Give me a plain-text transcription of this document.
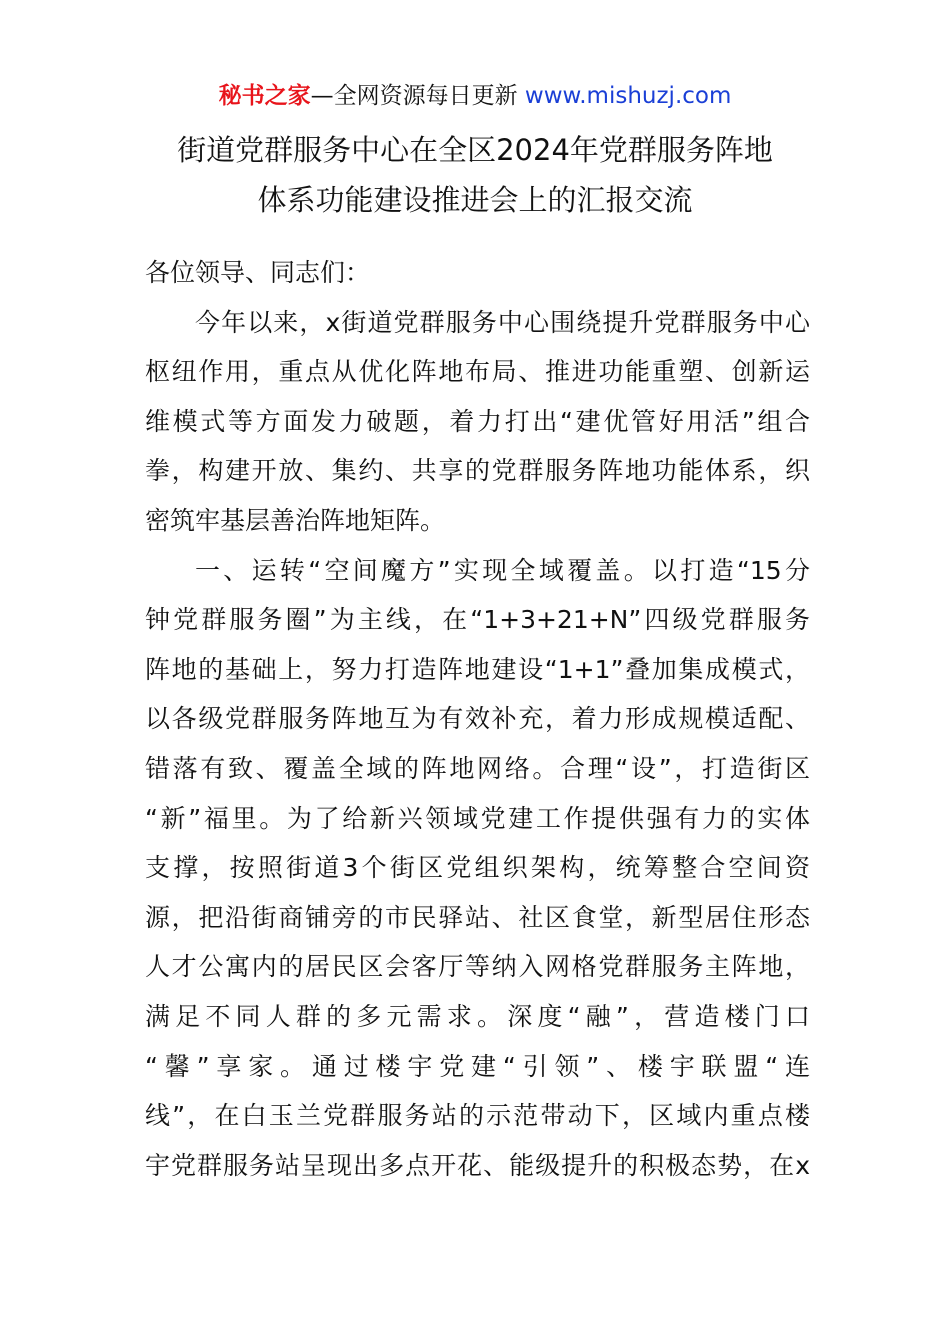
秘书之家—全网资源每日更新 www.mishuzj.com
街道党群服务中心在全区2024年党群服务阵地
体系功能建设推进会上的汇报交流
各位领导、同志们：
今年以来，x街道党群服务中心围绕提升党群服务中心
枢纽作用，重点从优化阵地布局、推进功能重塑、创新运
维模式等方面发力破题，着力打出“建优管好用活”组合
拳，构建开放、集约、共享的党群服务阵地功能体系，织
密筑牢基层善治阵地矩阵。
一、运转“空间魔方”实现全域覆盖。以打造“15分
钟党群服务圈”为主线，在“1+3+21+N”四级党群服务
阵地的基础上，努力打造阵地建设“1+1”叠加集成模式，
以各级党群服务阵地互为有效补充，着力形成规模适配、
错落有致、覆盖全域的阵地网络。合理“设”，打造街区
“新”福里。为了给新兴领域党建工作提供强有力的实体
支撑，按照街道3个街区党组织架构，统筹整合空间资
源，把沿街商铺旁的市民驿站、社区食堂，新型居住形态
人才公寓内的居民区会客厅等纳入网格党群服务主阵地，
满足不同人群的多元需求。深度“融”，营造楼门口
“馨”享家。通过楼宇党建“引领”、楼宇联盟“连
线”，在白玉兰党群服务站的示范带动下，区域内重点楼
宇党群服务站呈现出多点开花、能级提升的积极态势，在x
